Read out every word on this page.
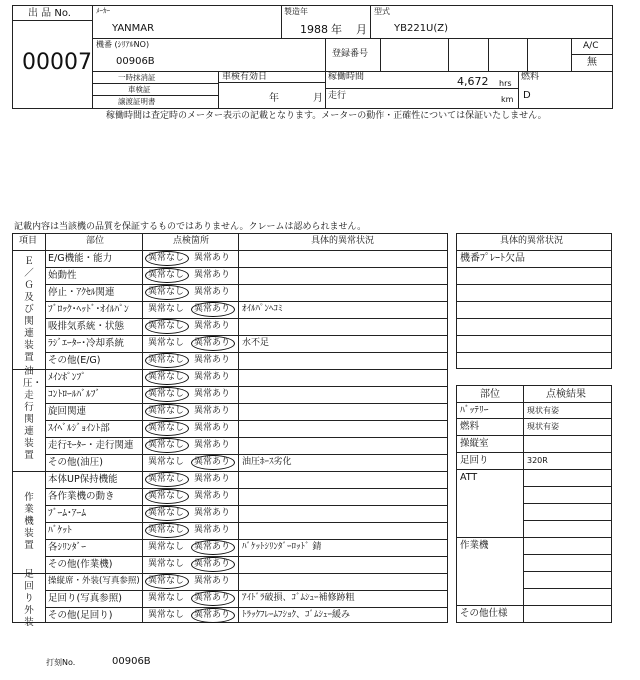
出 品 No.
00007
ﾒｰｶｰ
YANMAR
製造年
1988 年 月
型式
YB221U(Z)
機番 (ｼﾘｱﾙNO)
00906B
登録番号
A/C
無
一時抹消証
車検証
譲渡証明書
車検有効日
年	月
稼働時間	4,672 hrs
走行	km
燃料
D
稼働時間は査定時のメーター表示の記載となります。メーターの動作・正確性については保証いたしません。
記載内容は当該機の品質を保証するものではありません。クレームは認められません。
項目	部位	点検箇所	具体的異常状況
Ｅ／Ｇ及び関連装置
油圧・走行関連装置
作業機装置
足回り外装
E/G機能・能力	異常なし 異常あり
始動性	異常なし 異常あり
停止・ｱｸｾﾙ関連	異常なし 異常あり
ﾌﾞﾛｯｸ･ﾍｯﾄﾞ･ｵｲﾙﾊﾟﾝ 異常なし 異常あり ｵｲﾙﾊﾟﾝﾍｺﾐ
吸排気系統・状態	異常なし 異常あり
ﾗｼﾞｴｰﾀｰ･冷却系統	異常なし 異常あり 水不足
その他(E/G)	異常なし 異常あり
ﾒｲﾝﾎﾟﾝﾌﾟ	異常なし 異常あり
ｺﾝﾄﾛｰﾙﾊﾞﾙﾌﾞ	異常なし 異常あり
旋回関連	異常なし 異常あり
ｽｲﾍﾞﾙｼﾞｮｲﾝﾄ部	異常なし 異常あり
走行ﾓｰﾀｰ・走行関連 異常なし 異常あり
その他(油圧)	異常なし 異常あり 油圧ﾎｰｽ劣化
本体UP保持機能	異常なし 異常あり
各作業機の動き	異常なし 異常あり
ﾌﾞｰﾑ･ｱｰﾑ	異常なし 異常あり
ﾊﾞｹｯﾄ	異常なし 異常あり
各ｼﾘﾝﾀﾞｰ	異常なし 異常あり ﾊﾞｹｯﾄｼﾘﾝﾀﾞｰﾛｯﾄﾞ 錆
その他(作業機)	異常なし 異常あり
操縦席・外装(写真参照) 異常なし 異常あり
足回り(写真参照)	異常なし 異常あり ｱｲﾄﾞﾗ破損、ｺﾞﾑｼｭｰ補修跡粗
その他(足回り)	異常なし 異常あり ﾄﾗｯｸﾌﾚｰﾑﾌｼｮｸ、ｺﾞﾑｼｭｰ緩み
具体的異常状況
機番ﾌﾟﾚｰﾄ欠品
部位	点検結果
ﾊﾞｯﾃﾘｰ	現状有姿
燃料	現状有姿
操縦室
足回り	320R
ATT
作業機
その他仕様
打刻No.	00906B
